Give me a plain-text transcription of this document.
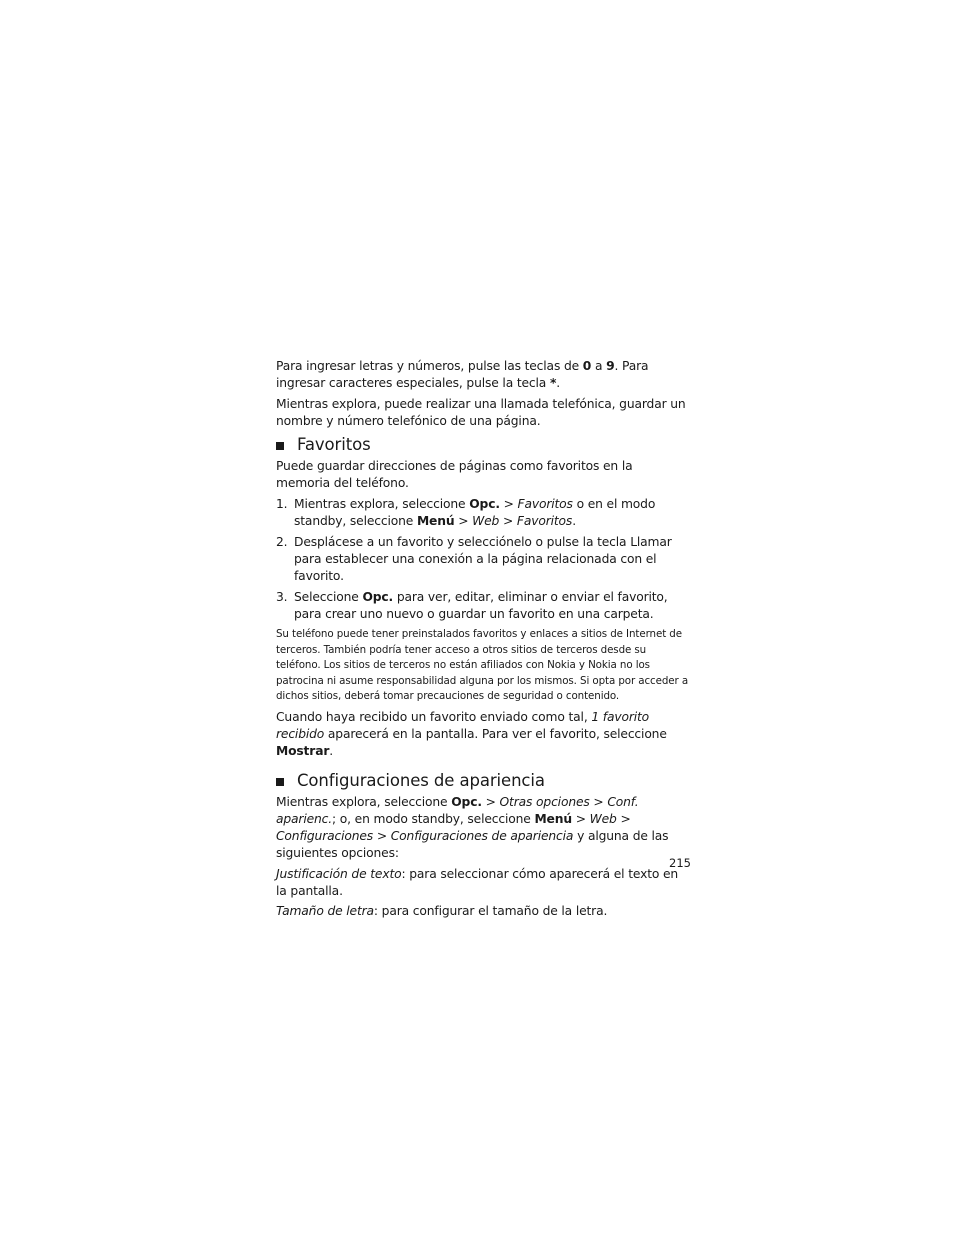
Para ingresar letras y números, pulse las teclas de 0 a 9. Para ingresar caracteres especiales, pulse la tecla *.

Mientras explora, puede realizar una llamada telefónica, guardar un nombre y número telefónico de una página.

Favoritos

Puede guardar direcciones de páginas como favoritos en la memoria del teléfono.

1. Mientras explora, seleccione Opc. > Favoritos o en el modo standby, seleccione Menú > Web > Favoritos.
2. Desplácese a un favorito y selecciónelo o pulse la tecla Llamar para establecer una conexión a la página relacionada con el favorito.
3. Seleccione Opc. para ver, editar, eliminar o enviar el favorito, para crear uno nuevo o guardar un favorito en una carpeta.

Su teléfono puede tener preinstalados favoritos y enlaces a sitios de Internet de terceros. También podría tener acceso a otros sitios de terceros desde su teléfono. Los sitios de terceros no están afiliados con Nokia y Nokia no los patrocina ni asume responsabilidad alguna por los mismos. Si opta por acceder a dichos sitios, deberá tomar precauciones de seguridad o contenido.

Cuando haya recibido un favorito enviado como tal, 1 favorito recibido aparecerá en la pantalla. Para ver el favorito, seleccione Mostrar.

Configuraciones de apariencia

Mientras explora, seleccione Opc. > Otras opciones > Conf. aparienc.; o, en modo standby, seleccione Menú > Web > Configuraciones > Configuraciones de apariencia y alguna de las siguientes opciones:

Justificación de texto: para seleccionar cómo aparecerá el texto en la pantalla.

Tamaño de letra: para configurar el tamaño de la letra.

215
